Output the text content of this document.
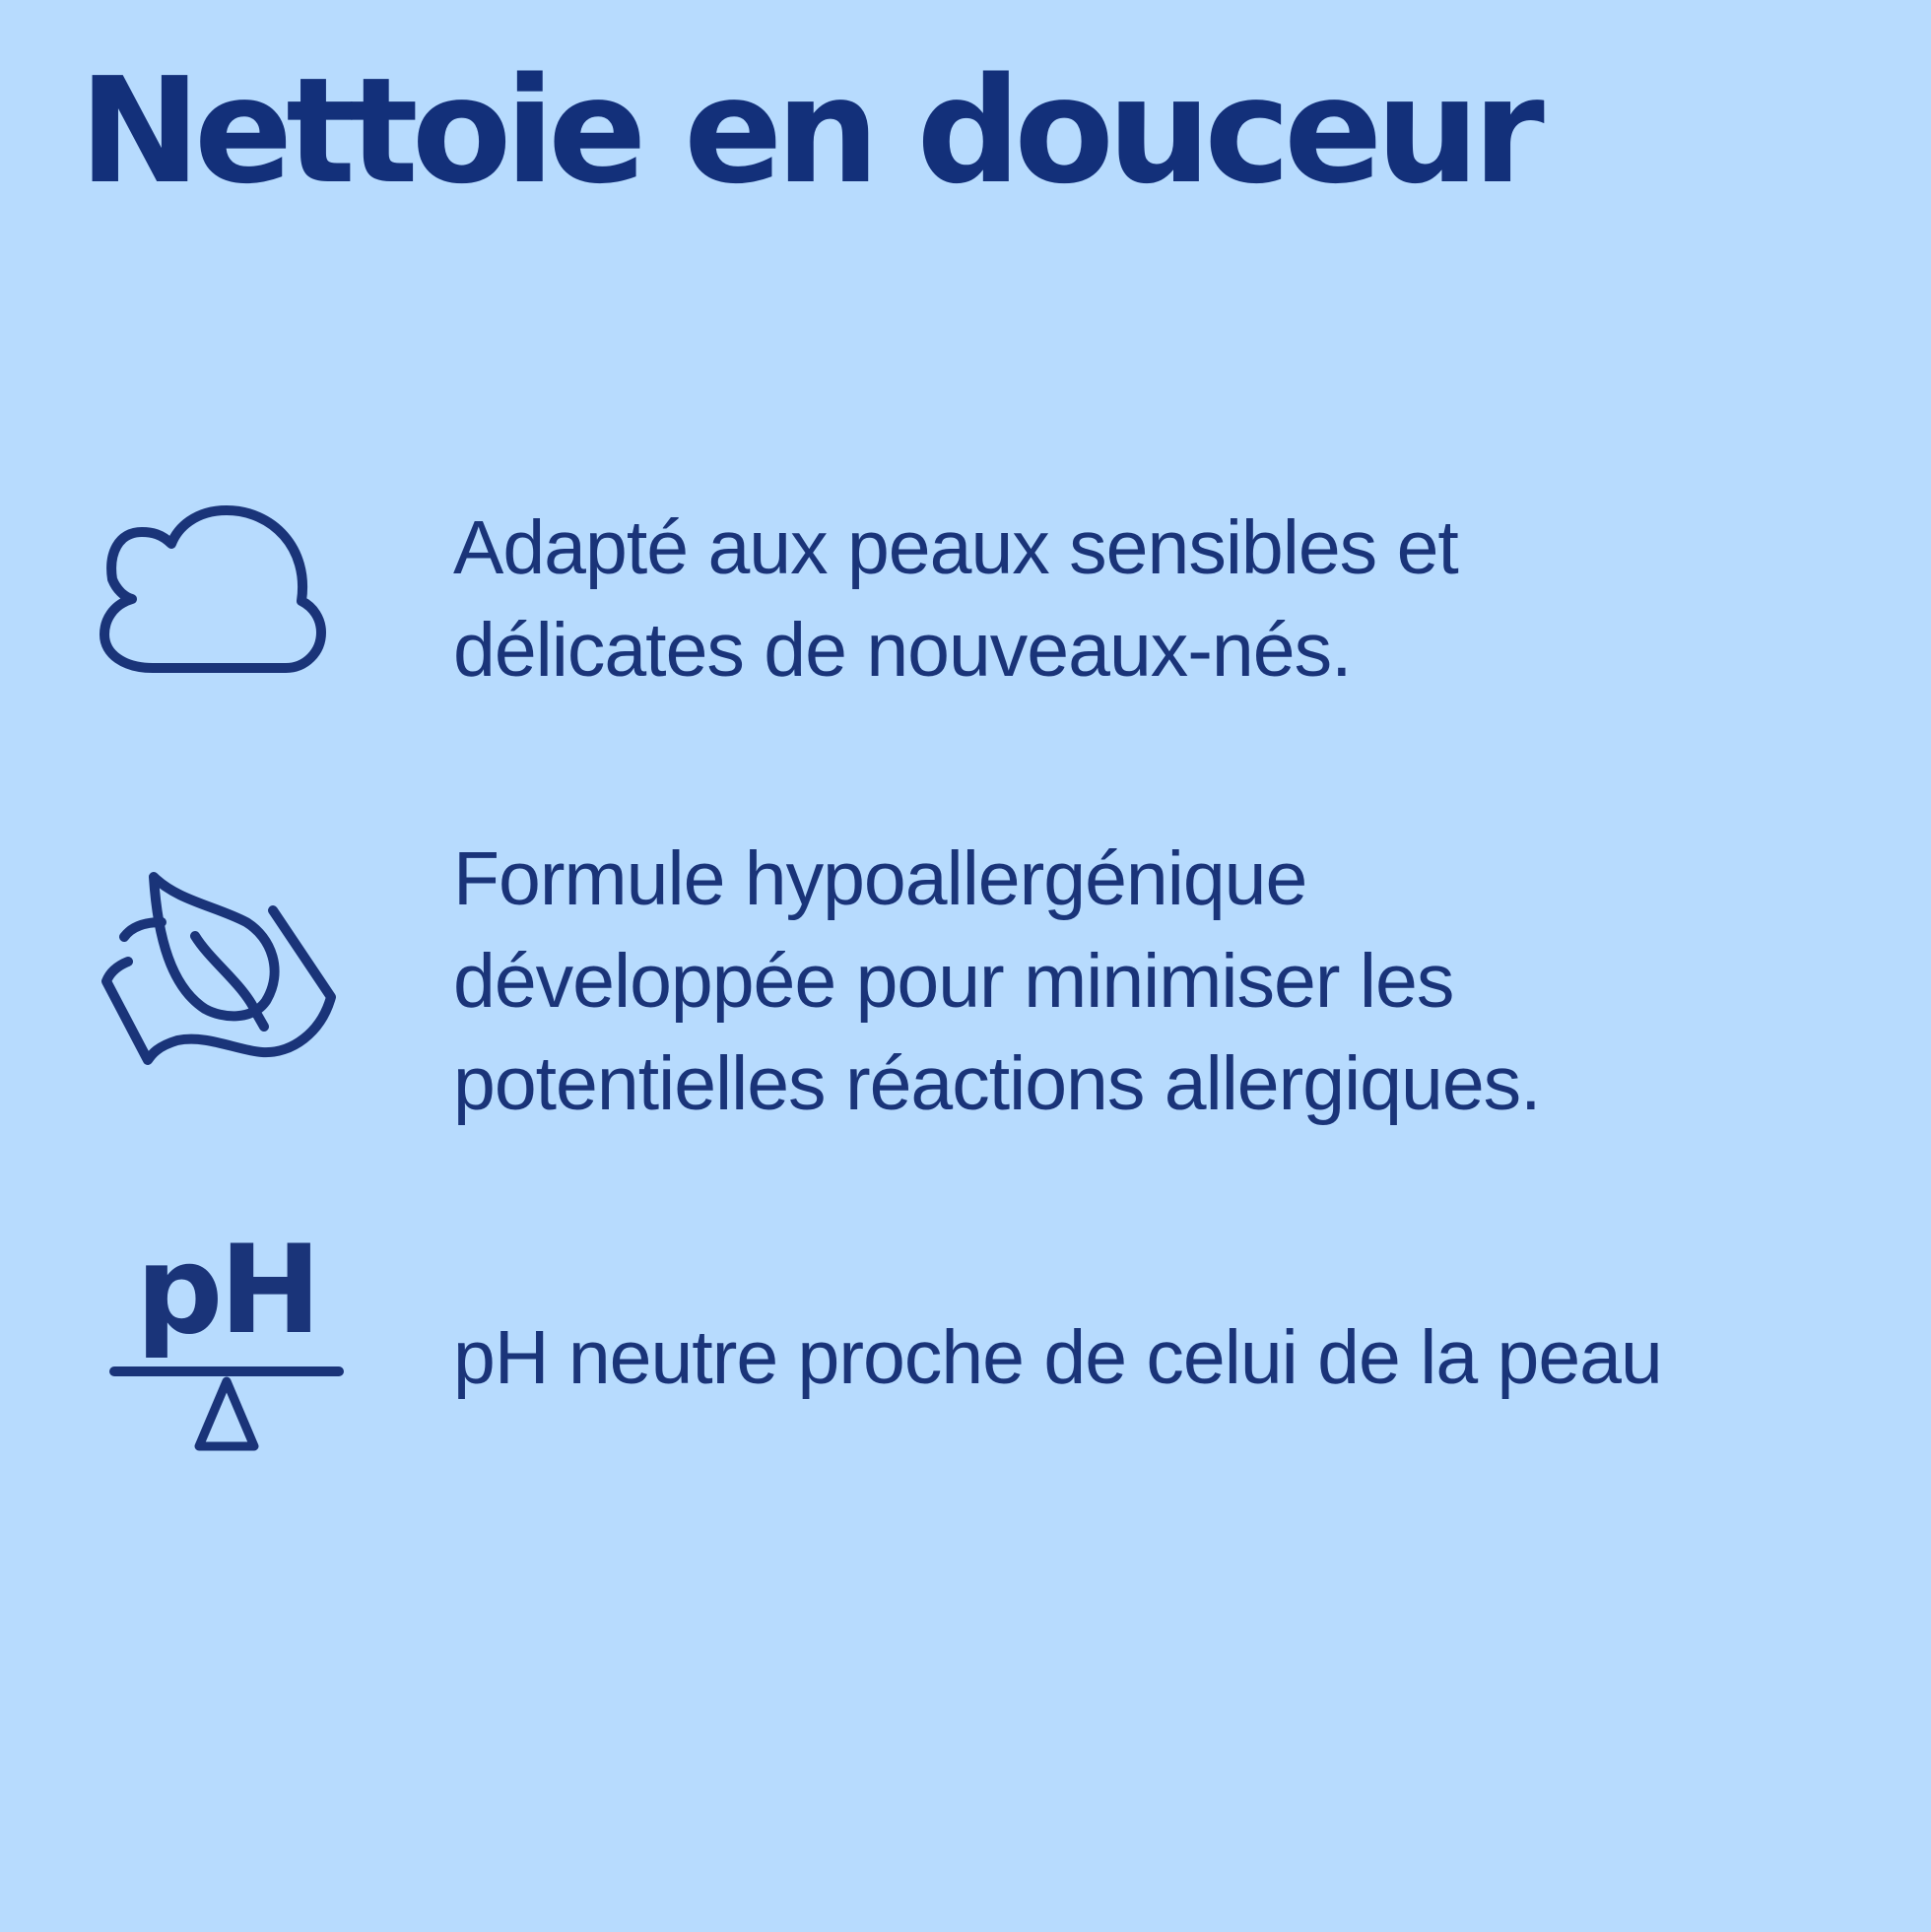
Nettoie en douceur

Adapté aux peaux sensibles et
délicates de nouveaux-nés.

Formule hypoallergénique
développée pour minimiser les
potentielles réactions allergiques.

pH pH neutre proche de celui de la peau
